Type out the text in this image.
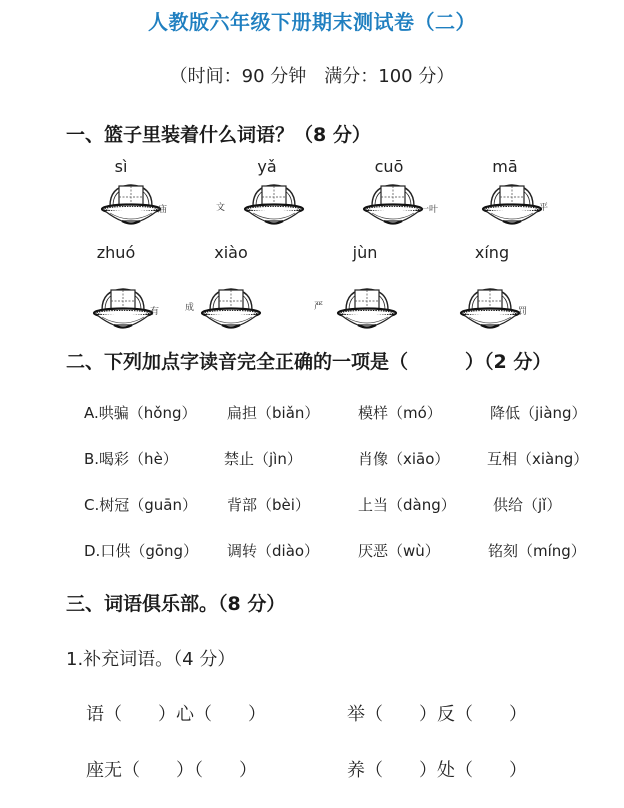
人教版六年级下册期末测试卷（二）
（时间：90 分钟　满分：100 分）
一、篮子里装着什么词语？（8 分）
sì
庙
yǎ
文
cuō
一叶
mā
平
zhuó
有
xiào
成
jùn
严
xíng
罚
二、下列加点字读音完全正确的一项是（　　　）（2 分）
A.哄骗（hǒng） 扁担（biǎn）	模样（mó）	降低（jiàng）
B.喝彩（hè）	禁止（jìn）	肖像（xiāo）	互相（xiàng）
C.树冠（guān） 背部（bèi）	上当（dàng） 供给（jǐ）
D.口供（gōng） 调转（diào）	厌恶（wù）	铭刻（míng）
三、词语俱乐部。（8 分）
1.补充词语。（4 分）
语（　　）心（　　）	举（　　）反（　　）
座无（　　）（　　）	养（　　）处（　　）
